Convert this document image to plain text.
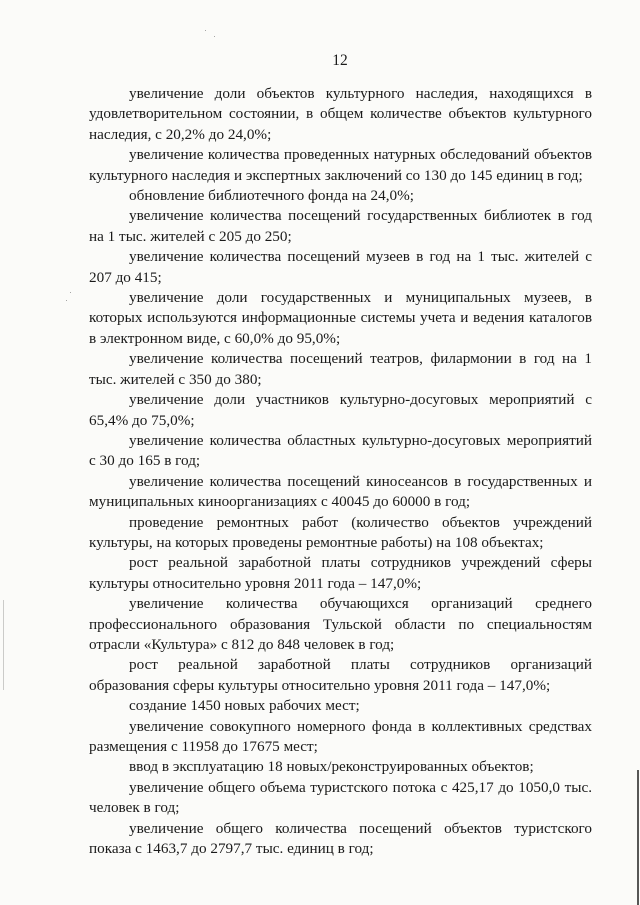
12

увеличение доли объектов культурного наследия, находящихся в удовлетворительном состоянии, в общем количестве объектов культурного наследия, с 20,2% до 24,0%;

увеличение количества проведенных натурных обследований объектов культурного наследия и экспертных заключений со 130 до 145 единиц в год;

обновление библиотечного фонда на 24,0%;

увеличение количества посещений государственных библиотек в год на 1 тыс. жителей с 205 до 250;

увеличение количества посещений музеев в год на 1 тыс. жителей с 207 до 415;

увеличение доли государственных и муниципальных музеев, в которых используются информационные системы учета и ведения каталогов в электронном виде, с 60,0% до 95,0%;

увеличение количества посещений театров, филармонии в год на 1 тыс. жителей с 350 до 380;

увеличение доли участников культурно-досуговых мероприятий с 65,4% до 75,0%;

увеличение количества областных культурно-досуговых мероприятий с 30 до 165 в год;

увеличение количества посещений киносеансов в государственных и муниципальных киноорганизациях с 40045 до 60000 в год;

проведение ремонтных работ (количество объектов учреждений культуры, на которых проведены ремонтные работы) на 108 объектах;

рост реальной заработной платы сотрудников учреждений сферы культуры относительно уровня 2011 года – 147,0%;

увеличение количества обучающихся организаций среднего профессионального образования Тульской области по специальностям отрасли «Культура» с 812 до 848 человек в год;

рост реальной заработной платы сотрудников организаций образования сферы культуры относительно уровня 2011 года – 147,0%;

создание 1450 новых рабочих мест;

увеличение совокупного номерного фонда в коллективных средствах размещения с 11958 до 17675 мест;

ввод в эксплуатацию 18 новых/реконструированных объектов;

увеличение общего объема туристского потока с 425,17 до 1050,0 тыс. человек в год;

увеличение общего количества посещений объектов туристского показа с 1463,7 до 2797,7 тыс. единиц в год;
